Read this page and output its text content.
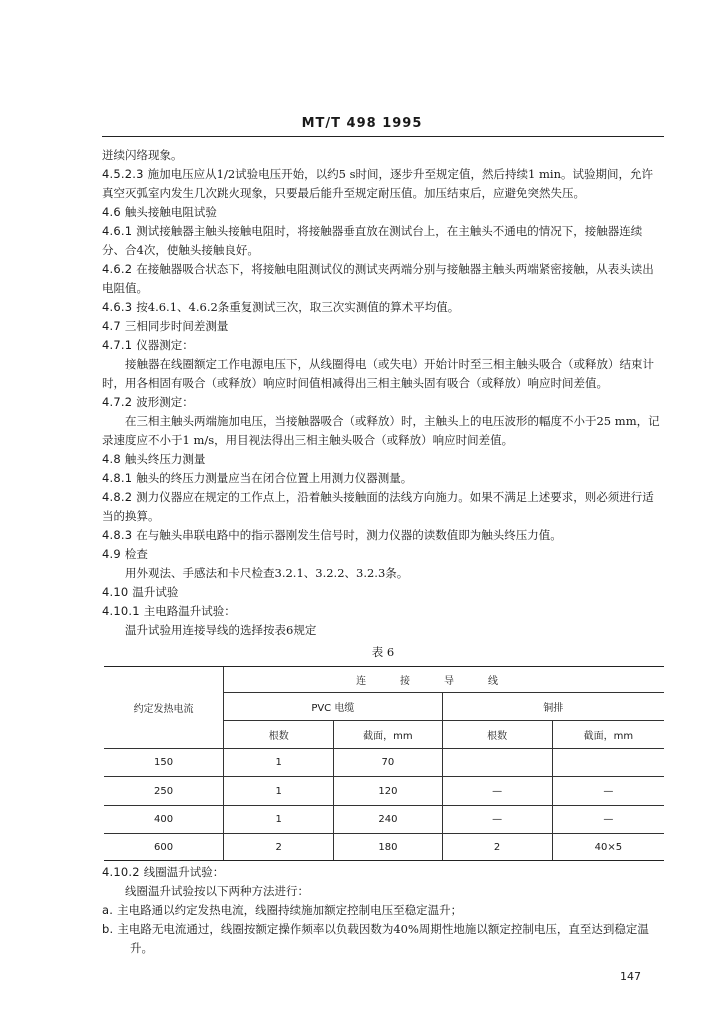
MT/T 498 1995

迸续闪络现象。

4.5.2.3 施加电压应从1/2试验电压开始，以约5 s时间，逐步升至规定值，然后持续1 min。试验期间，允许真空灭弧室内发生几次跳火现象，只要最后能升至规定耐压值。加压结束后，应避免突然失压。

4.6 触头接触电阻试验

4.6.1 测试接触器主触头接触电阻时，将接触器垂直放在测试台上，在主触头不通电的情况下，接触器连续分、合4次，使触头接触良好。

4.6.2 在接触器吸合状态下，将接触电阻测试仪的测试夹两端分别与接触器主触头两端紧密接触，从表头读出电阻值。

4.6.3 按4.6.1、4.6.2条重复测试三次，取三次实测值的算术平均值。

4.7 三相同步时间差测量

4.7.1 仪器测定：

接触器在线圈额定工作电源电压下，从线圈得电（或失电）开始计时至三相主触头吸合（或释放）结束计时，用各相固有吸合（或释放）响应时间值相减得出三相主触头固有吸合（或释放）响应时间差值。

4.7.2 波形测定：

在三相主触头两端施加电压，当接触器吸合（或释放）时，主触头上的电压波形的幅度不小于25 mm，记录速度应不小于1 m/s，用目视法得出三相主触头吸合（或释放）响应时间差值。

4.8 触头终压力测量

4.8.1 触头的终压力测量应当在闭合位置上用测力仪器测量。

4.8.2 测力仪器应在规定的工作点上，沿着触头接触面的法线方向施力。如果不满足上述要求，则必须进行适当的换算。

4.8.3 在与触头串联电路中的指示器刚发生信号时，测力仪器的读数值即为触头终压力值。

4.9 检查

用外观法、手感法和卡尺检查3.2.1、3.2.2、3.2.3条。

4.10 温升试验

4.10.1 主电路温升试验：

温升试验用连接导线的选择按表6规定

表 6
约定发热电流	连接导线			
	PVC 电缆		铜排	
	根数	截面，mm	根数	截面，mm
150	1	70		
250	1	120	—	—
400	1	240	—	—
600	2	180	2	40×5

4.10.2 线圈温升试验：

线圈温升试验按以下两种方法进行：

a. 主电路通以约定发热电流，线圈持续施加额定控制电压至稳定温升；

b. 主电路无电流通过，线圈按额定操作频率以负载因数为40%周期性地施以额定控制电压，直至达到稳定温升。

147
